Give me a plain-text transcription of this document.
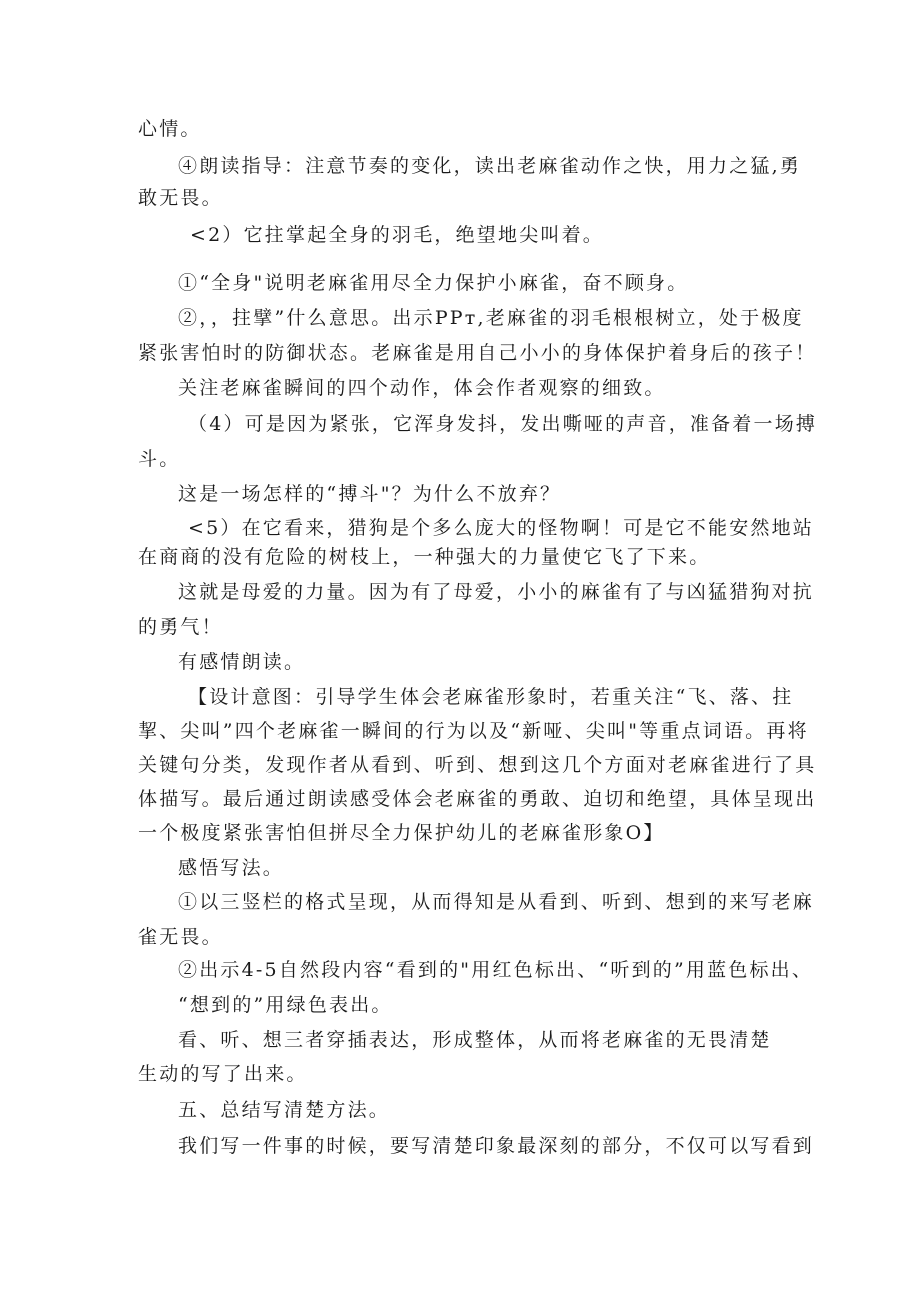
心情。
④朗读指导：注意节奏的变化，读出老麻雀动作之快，用力之猛,勇
敢无畏。
<2）它拄掌起全身的羽毛，绝望地尖叫着。
①“全身"说明老麻雀用尽全力保护小麻雀，奋不顾身。
②，，拄擘”什么意思。出示PPт,老麻雀的羽毛根根树立，处于极度
紧张害怕时的防御状态。老麻雀是用自己小小的身体保护着身后的孩子！
关注老麻雀瞬间的四个动作，体会作者观察的细致。
（4）可是因为紧张，它浑身发抖，发出嘶哑的声音，准备着一场搏
斗。
这是一场怎样的“搏斗"？为什么不放弃？
<5）在它看来，猎狗是个多么庞大的怪物啊！可是它不能安然地站
在商商的没有危险的树枝上，一种强大的力量使它飞了下来。
这就是母爱的力量。因为有了母爱，小小的麻雀有了与凶猛猎狗对抗
的勇气！
有感情朗读。
【设计意图：引导学生体会老麻雀形象时，若重关注“飞、落、拄
挈、尖叫”四个老麻雀一瞬间的行为以及“新哑、尖叫"等重点词语。再将
关键句分类，发现作者从看到、听到、想到这几个方面对老麻雀进行了具
体描写。最后通过朗读感受体会老麻雀的勇敢、迫切和绝望，具体呈现出
一个极度紧张害怕但拼尽全力保护幼儿的老麻雀形象O】
感悟写法。
①以三竖栏的格式呈现，从而得知是从看到、听到、想到的来写老麻
雀无畏。
②出示4-5自然段内容“看到的"用红色标出、“听到的”用蓝色标出、
“想到的”用绿色表出。
看、听、想三者穿插表达，形成整体，从而将老麻雀的无畏清楚
生动的写了出来。
五、总结写清楚方法。
我们写一件事的时候，要写清楚印象最深刻的部分，不仅可以写看到
